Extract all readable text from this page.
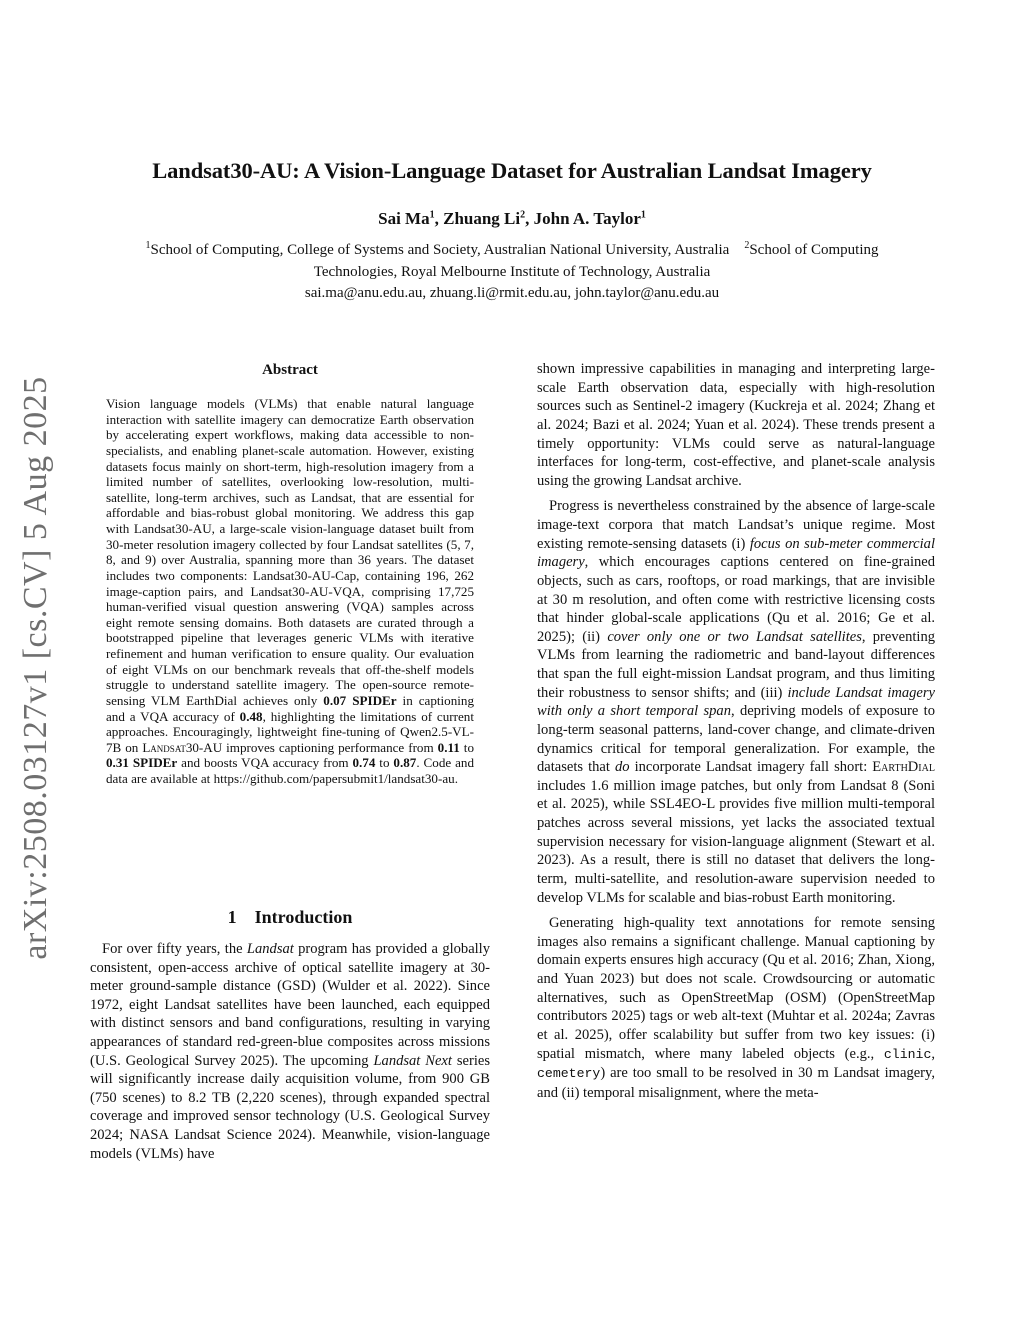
Landsat30-AU: A Vision-Language Dataset for Australian Landsat Imagery
Sai Ma$^1$, Zhuang Li$^2$, John A. Taylor$^1$
$^1$School of Computing, College of Systems and Society, Australian National University, Australia $^2$School of Computing
Technologies, Royal Melbourne Institute of Technology, Australia
sai.ma@anu.edu.au, zhuang.li@rmit.edu.au, john.taylor@anu.edu.au
arXiv:2508.03127v1 [cs.CV] 5 Aug 2025
Abstract

Vision language models (VLMs) that enable natural language interaction with satellite imagery can democratize Earth observation by accelerating expert workflows, making data accessible to non-specialists, and enabling planet-scale automation. However, existing datasets focus mainly on short-term, high-resolution imagery from a limited number of satellites, overlooking low-resolution, multi-satellite, long-term archives, such as Landsat, that are essential for affordable and bias-robust global monitoring. We address this gap with Landsat30-AU, a large-scale vision-language dataset built from 30-meter resolution imagery collected by four Landsat satellites (5, 7, 8, and 9) over Australia, spanning more than 36 years. The dataset includes two components: Landsat30-AU-Cap, containing 196, 262 image-caption pairs, and Landsat30-AU-VQA, comprising 17,725 human-verified visual question answering (VQA) samples across eight remote sensing domains. Both datasets are curated through a bootstrapped pipeline that leverages generic VLMs with iterative refinement and human verification to ensure quality. Our evaluation of eight VLMs on our benchmark reveals that off-the-shelf models struggle to understand satellite imagery. The open-source remote-sensing VLM EarthDial achieves only 0.07 SPIDEr in captioning and a VQA accuracy of 0.48, highlighting the limitations of current approaches. Encouragingly, lightweight fine-tuning of Qwen2.5-VL-7B on Landsat30-AU improves captioning performance from 0.11 to 0.31 SPIDEr and boosts VQA accuracy from 0.74 to 0.87. Code and data are available at https://github.com/papersubmit1/landsat30-au.

1 Introduction

For over fifty years, the Landsat program has provided a globally consistent, open-access archive of optical satellite imagery at 30-meter ground-sample distance (GSD) (Wulder et al. 2022). Since 1972, eight Landsat satellites have been launched, each equipped with distinct sensors and band configurations, resulting in varying appearances of standard red-green-blue composites across missions (U.S. Geological Survey 2025). The upcoming Landsat Next series will significantly increase daily acquisition volume, from 900 GB (750 scenes) to 8.2 TB (2,220 scenes), through expanded spectral coverage and improved sensor technology (U.S. Geological Survey 2024; NASA Landsat Science 2024). Meanwhile, vision-language models (VLMs) have

shown impressive capabilities in managing and interpreting large-scale Earth observation data, especially with high-resolution sources such as Sentinel-2 imagery (Kuckreja et al. 2024; Zhang et al. 2024; Bazi et al. 2024; Yuan et al. 2024). These trends present a timely opportunity: VLMs could serve as natural-language interfaces for long-term, cost-effective, and planet-scale analysis using the growing Landsat archive.

Progress is nevertheless constrained by the absence of large-scale image-text corpora that match Landsat’s unique regime. Most existing remote-sensing datasets (i) focus on sub-meter commercial imagery, which encourages captions centered on fine-grained objects, such as cars, rooftops, or road markings, that are invisible at 30 m resolution, and often come with restrictive licensing costs that hinder global-scale applications (Qu et al. 2016; Ge et al. 2025); (ii) cover only one or two Landsat satellites, preventing VLMs from learning the radiometric and band-layout differences that span the full eight-mission Landsat program, and thus limiting their robustness to sensor shifts; and (iii) include Landsat imagery with only a short temporal span, depriving models of exposure to long-term seasonal patterns, land-cover change, and climate-driven dynamics critical for temporal generalization. For example, the datasets that do incorporate Landsat imagery fall short: EarthDial includes 1.6 million image patches, but only from Landsat 8 (Soni et al. 2025), while SSL4EO-L provides five million multi-temporal patches across several missions, yet lacks the associated textual supervision necessary for vision-language alignment (Stewart et al. 2023). As a result, there is still no dataset that delivers the long-term, multi-satellite, and resolution-aware supervision needed to develop VLMs for scalable and bias-robust Earth monitoring.

Generating high-quality text annotations for remote sensing images also remains a significant challenge. Manual captioning by domain experts ensures high accuracy (Qu et al. 2016; Zhan, Xiong, and Yuan 2023) but does not scale. Crowdsourcing or automatic alternatives, such as OpenStreetMap (OSM) (OpenStreetMap contributors 2025) tags or web alt-text (Muhtar et al. 2024a; Zavras et al. 2025), offer scalability but suffer from two key issues: (i) spatial mismatch, where many labeled objects (e.g., clinic, cemetery) are too small to be resolved in 30 m Landsat imagery, and (ii) temporal misalignment, where the meta-
